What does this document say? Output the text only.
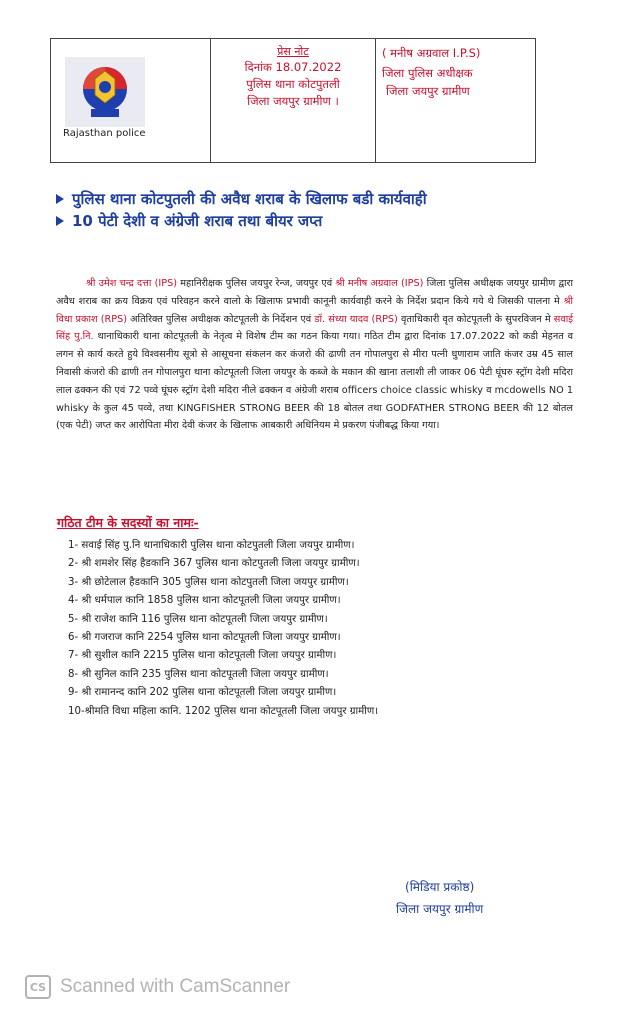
Rajasthan police
प्रेस नोट
दिनांक 18.07.2022
पुलिस थाना कोटपुतली
जिला जयपुर ग्रामीण ।
( मनीष अग्रवाल I.P.S)
जिला पुलिस अधीक्षक
जिला जयपुर ग्रामीण
पुलिस थाना कोटपुतली की अवैध शराब के खिलाफ बडी कार्यवाही
10 पेटी देशी व अंग्रेजी शराब तथा बीयर जप्त
श्री उमेश चन्द्र दत्ता (IPS) महानिरीक्षक पुलिस जयपुर रेन्ज, जयपुर एवं श्री मनीष अग्रवाल (IPS) जिला पुलिस अधीक्षक जयपुर ग्रामीण द्वारा अवैध शराब का क्रय विक्रय एवं परिवहन करने वालो के खिलाफ प्रभावी कानूनी कार्यवाही करने के निर्देश प्रदान किये गये थे जिसकी पालना मे श्री विधा प्रकाश (RPS) अतिरिक्त पुलिस अधीक्षक कोटपूतली के निर्देशन एवं डॉ. संध्या यादव (RPS) वृताधिकारी वृत कोटपूतली के सुपरविजन मे सवाई सिंह पु.नि. थानाधिकारी थाना कोटपूतली के नेतृत्व मे विशेष टीम का गठन किया गया। गठित टीम द्वारा दिनांक 17.07.2022 को कडी मेहनत व लगन से कार्य करते हुये विश्वसनीय सूत्रो से आसूचना संकलन कर कंजरो की ढाणी तन गोपालपुरा से मीरा पत्नी धुणाराम जाति कंजर उम्र 45 साल निवासी कंजरो की ढाणी तन गोपालपुरा थाना कोटपूतली जिला जयपुर के कब्जे के मकान की खाना तलाशी ली जाकर 06 पेटी घूंघरु स्ट्रॉग देशी मदिरा लाल ढक्कन की एवं 72 पव्वे घूंघरु स्ट्रॉग देशी मदिरा नीले ढक्कन व अंग्रेजी शराब officers choice classic whisky व mcdowells NO 1 whisky के कुल 45 पव्वे, तथा KINGFISHER STRONG BEER की 18 बोतल तथा GODFATHER STRONG BEER की 12 बोतल (एक पेटी) जप्त कर आरोपिता मीरा देवी कंजर के खिलाफ आबकारी अधिनियम मे प्रकरण पंजीबद्ध किया गया।
गठित टीम के सदस्यों का नामः-
1- सवाई सिंह पु.नि थानाधिकारी पुलिस थाना कोटपुतली जिला जयपुर ग्रामीण।
2- श्री शमशेर सिंह हैडकानि 367 पुलिस थाना कोटपुतली जिला जयपुर ग्रामीण।
3- श्री छोटेलाल हैडकानि 305 पुलिस थाना कोटपुतली जिला जयपुर ग्रामीण।
4- श्री धर्मपाल कानि 1858 पुलिस थाना कोटपूतली जिला जयपुर ग्रामीण।
5- श्री राजेश कानि 116 पुलिस थाना कोटपूतली जिला जयपुर ग्रामीण।
6- श्री गजराज कानि 2254 पुलिस थाना कोटपूतली जिला जयपुर ग्रामीण।
7- श्री सुशील कानि 2215 पुलिस थाना कोटपूतली जिला जयपुर ग्रामीण।
8- श्री सुनिल कानि 235 पुलिस थाना कोटपूतली जिला जयपुर ग्रामीण।
9- श्री रामानन्द कानि 202 पुलिस थाना कोटपूतली जिला जयपुर ग्रामीण।
10-श्रीमति विधा महिला कानि. 1202 पुलिस थाना कोटपूतली जिला जयपुर ग्रामीण।
(मिडिया प्रकोष्ठ)
जिला जयपुर ग्रामीण
CS Scanned with CamScanner
